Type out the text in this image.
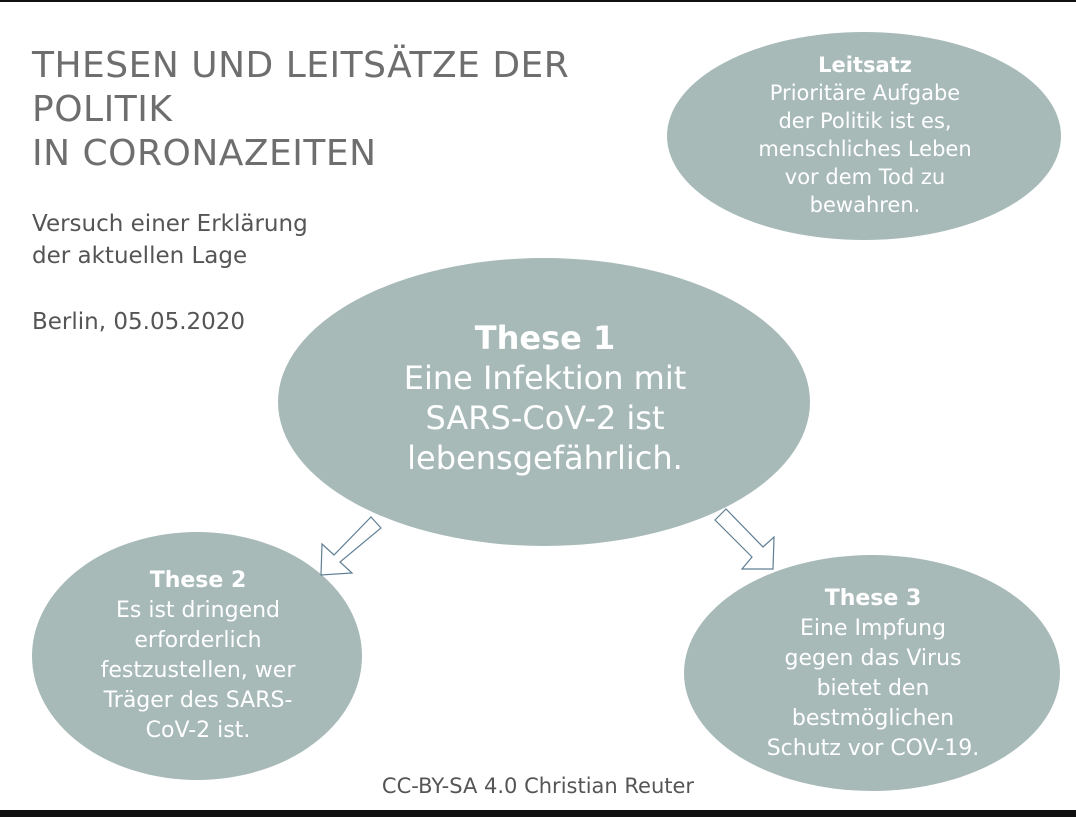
THESEN UND LEITSÄTZE DER
POLITIK
IN CORONAZEITEN
Versuch einer Erklärung
der aktuellen Lage
Berlin, 05.05.2020
Leitsatz
Prioritäre Aufgabe
der Politik ist es,
menschliches Leben
vor dem Tod zu
bewahren.
These 1
Eine Infektion mit
SARS-CoV-2 ist
lebensgefährlich.
These 2
Es ist dringend
erforderlich
festzustellen, wer
Träger des SARS-
CoV-2 ist.
These 3
Eine Impfung
gegen das Virus
bietet den
bestmöglichen
Schutz vor COV-19.
CC-BY-SA 4.0 Christian Reuter
